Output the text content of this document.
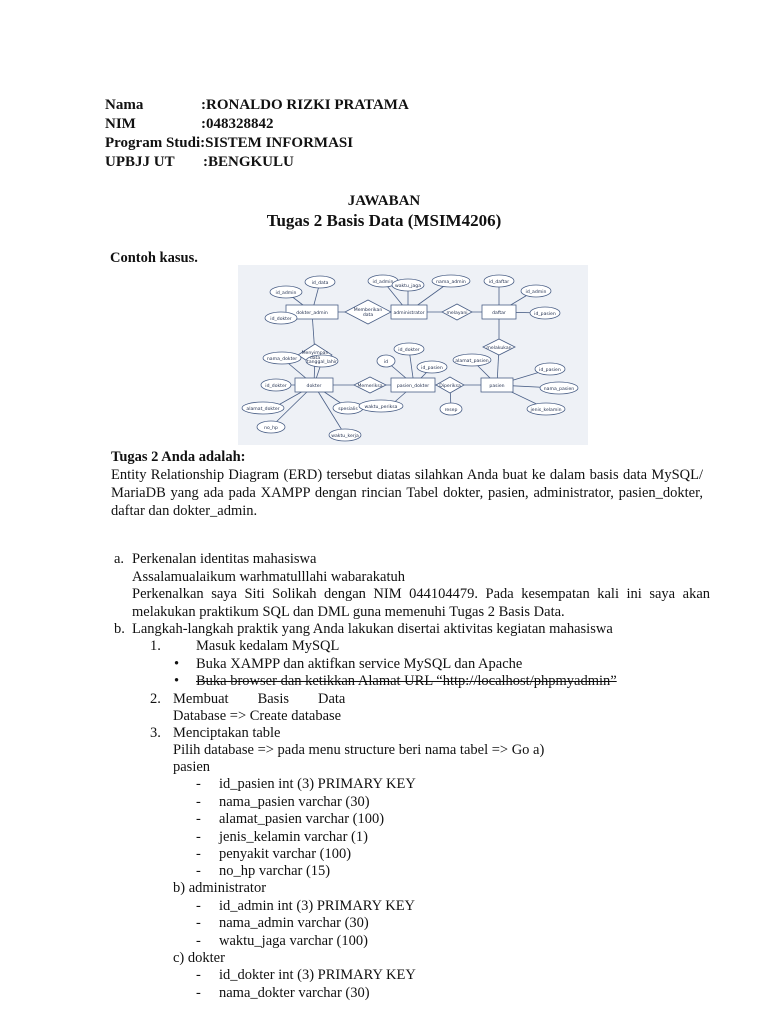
Nama	:RONALDO RIZKI PRATAMA
NIM	:048328842
Program Studi:SISTEM INFORMASI
UPBJJ UT :BENGKULU
JAWABAN
Tugas 2 Basis Data (MSIM4206)
Contoh kasus.
dokter_admin	administrator	daftar
dokter	pasien_dokter	pasien
Memberikan
data	melayani
Menyimpan
data
melakukan
Memeriksa	Diperiksa
id_data
id_admin
id_dokter
id_admin
waktu_jaga
nama_admin	id_daftar
id_admin
id_pasien
nama_dokter
tanggal_lahir	id
id_dokter
id_pasien
alamat_pasien
id_pasien
nama_pasien
id_dokter
alamat_dokter	spesialis waktu_periksa
resep	jenis_kelamin
no_hp
waktu_kerja
Tugas 2 Anda adalah:
Entity Relationship Diagram (ERD) tersebut diatas silahkan Anda buat ke dalam basis data MySQL/ MariaDB yang ada pada XAMPP dengan rincian Tabel dokter, pasien, administrator, pasien_dokter, daftar dan dokter_admin.
a. Perkenalan identitas mahasiswa
Assalamualaikum warhmatulllahi wabarakatuh
Perkenalkan saya Siti Solikah dengan NIM 044104479. Pada kesempatan kali ini saya akan melakukan praktikum SQL dan DML guna memenuhi Tugas 2 Basis Data.
b. Langkah-langkah praktik yang Anda lakukan disertai aktivitas kegiatan mahasiswa
1. Masuk kedalam MySQL
• Buka XAMPP dan aktifkan service MySQL dan Apache
• Buka browser dan ketikkan Alamat URL “http://localhost/phpmyadmin”
2. Membuat        Basis        Data
Database => Create database
3. Menciptakan table
Pilih database => pada menu structure beri nama tabel => Go a)
pasien
- id_pasien int (3) PRIMARY KEY
- nama_pasien varchar (30)
- alamat_pasien varchar (100)
- jenis_kelamin varchar (1)
- penyakit varchar (100)
- no_hp varchar (15)
b) administrator
- id_admin int (3) PRIMARY KEY
- nama_admin varchar (30)
- waktu_jaga varchar (100)
c) dokter
- id_dokter int (3) PRIMARY KEY
- nama_dokter varchar (30)
